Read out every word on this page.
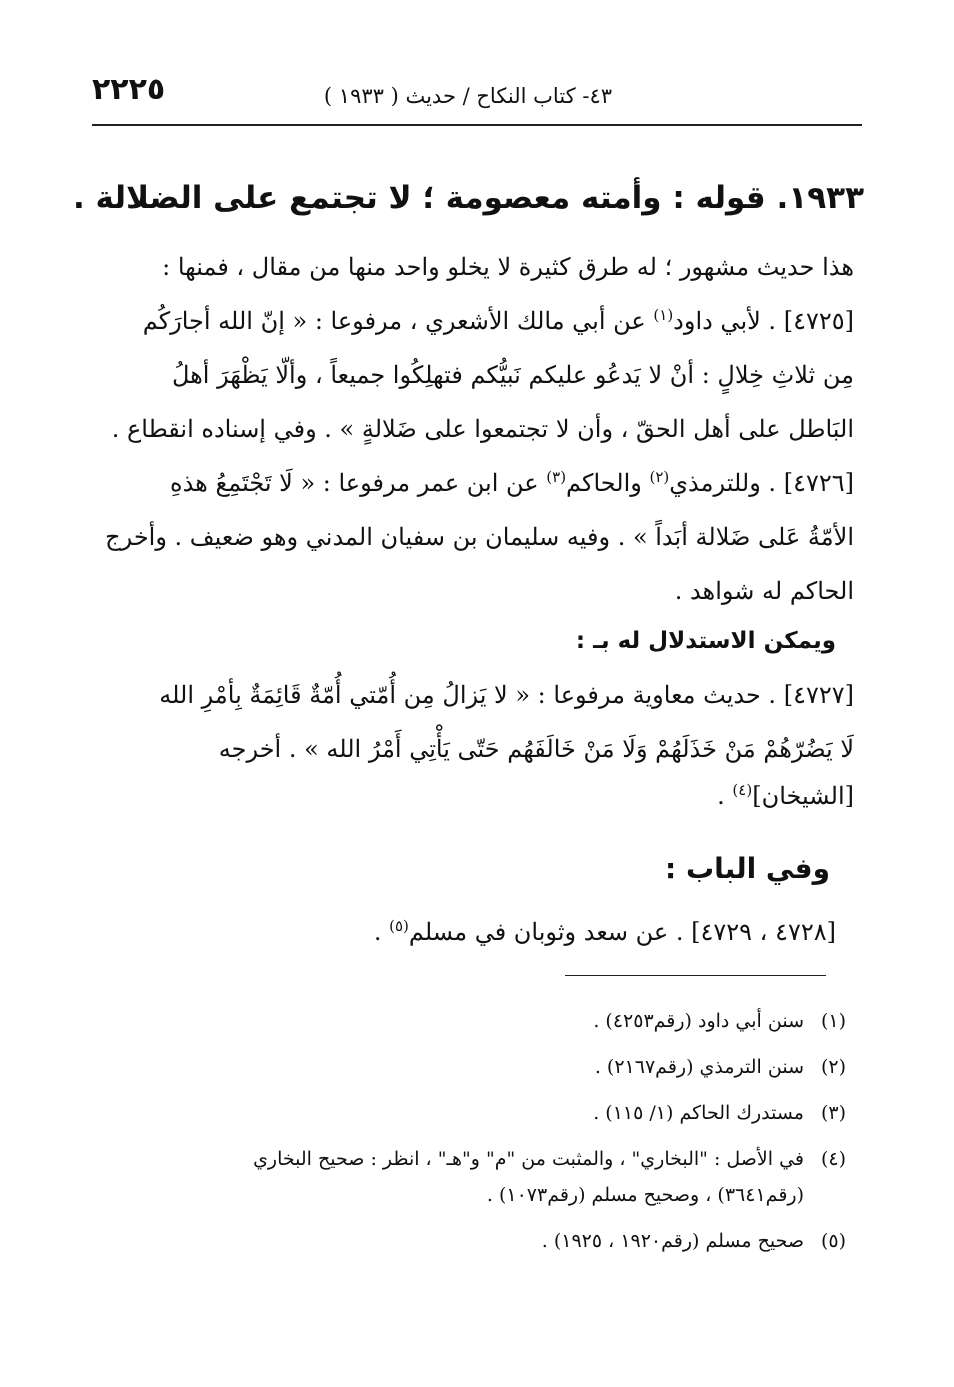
٢٢٢٥	٤٣- كتاب النكاح / حديث ( ١٩٣٣ )
١٩٣٣. قوله : وأمته معصومة ؛ لا تجتمع على الضلالة .
هذا حديث مشهور ؛ له طرق كثيرة لا يخلو واحد منها من مقال ، فمنها :
[٤٧٢٥] . لأبي داود$^{(١)}$ عن أبي مالك الأشعري ، مرفوعا : « إنّ الله أجارَكُم
مِن ثلاثِ خِلالٍ : أنْ لا يَدعُو عليكم نَبيُّكم فتهلِكُوا جميعاً ، وألّا يَظْهَرَ أهلُ
البَاطل على أهل الحقّ ، وأن لا تجتمعوا على ضَلالةٍ » . وفي إسناده انقطاع .
[٤٧٢٦] . وللترمذي$^{(٢)}$ والحاكم$^{(٣)}$ عن ابن عمر مرفوعا : « لَا تَجْتَمِعُ هذهِ
الأمّةُ عَلى ضَلالة أبَداً » . وفيه سليمان بن سفيان المدني وهو ضعيف . وأخرج
الحاكم له شواهد .
ويمكن الاستدلال له بـ :
[٤٧٢٧] . حديث معاوية مرفوعا : « لا يَزالُ مِن أُمّتي أُمّةٌ قَائِمَةٌ بِأمْرِ الله
لَا يَضُرّهُمْ مَنْ خَذَلَهُمْ وَلَا مَنْ خَالَفَهُم حَتّى يَأْتِي أَمْرُ الله » . أخرجه
[الشيخان]$^{(٤)}$ .
وفي الباب :
[٤٧٢٨ ، ٤٧٢٩] . عن سعد وثوبان في مسلم$^{(٥)}$ .
(١)
سنن أبي داود (رقم٤٢٥٣) .
(٢)
سنن الترمذي (رقم٢١٦٧) .
(٣)
مستدرك الحاكم (١/ ١١٥) .
(٤)
في الأصل : "البخاري" ، والمثبت من "م" و"هـ" ، انظر : صحيح البخاري
(رقم٣٦٤١) ، وصحيح مسلم (رقم١٠٧٣) .
(٥)
صحيح مسلم (رقم١٩٢٠ ، ١٩٢٥) .
